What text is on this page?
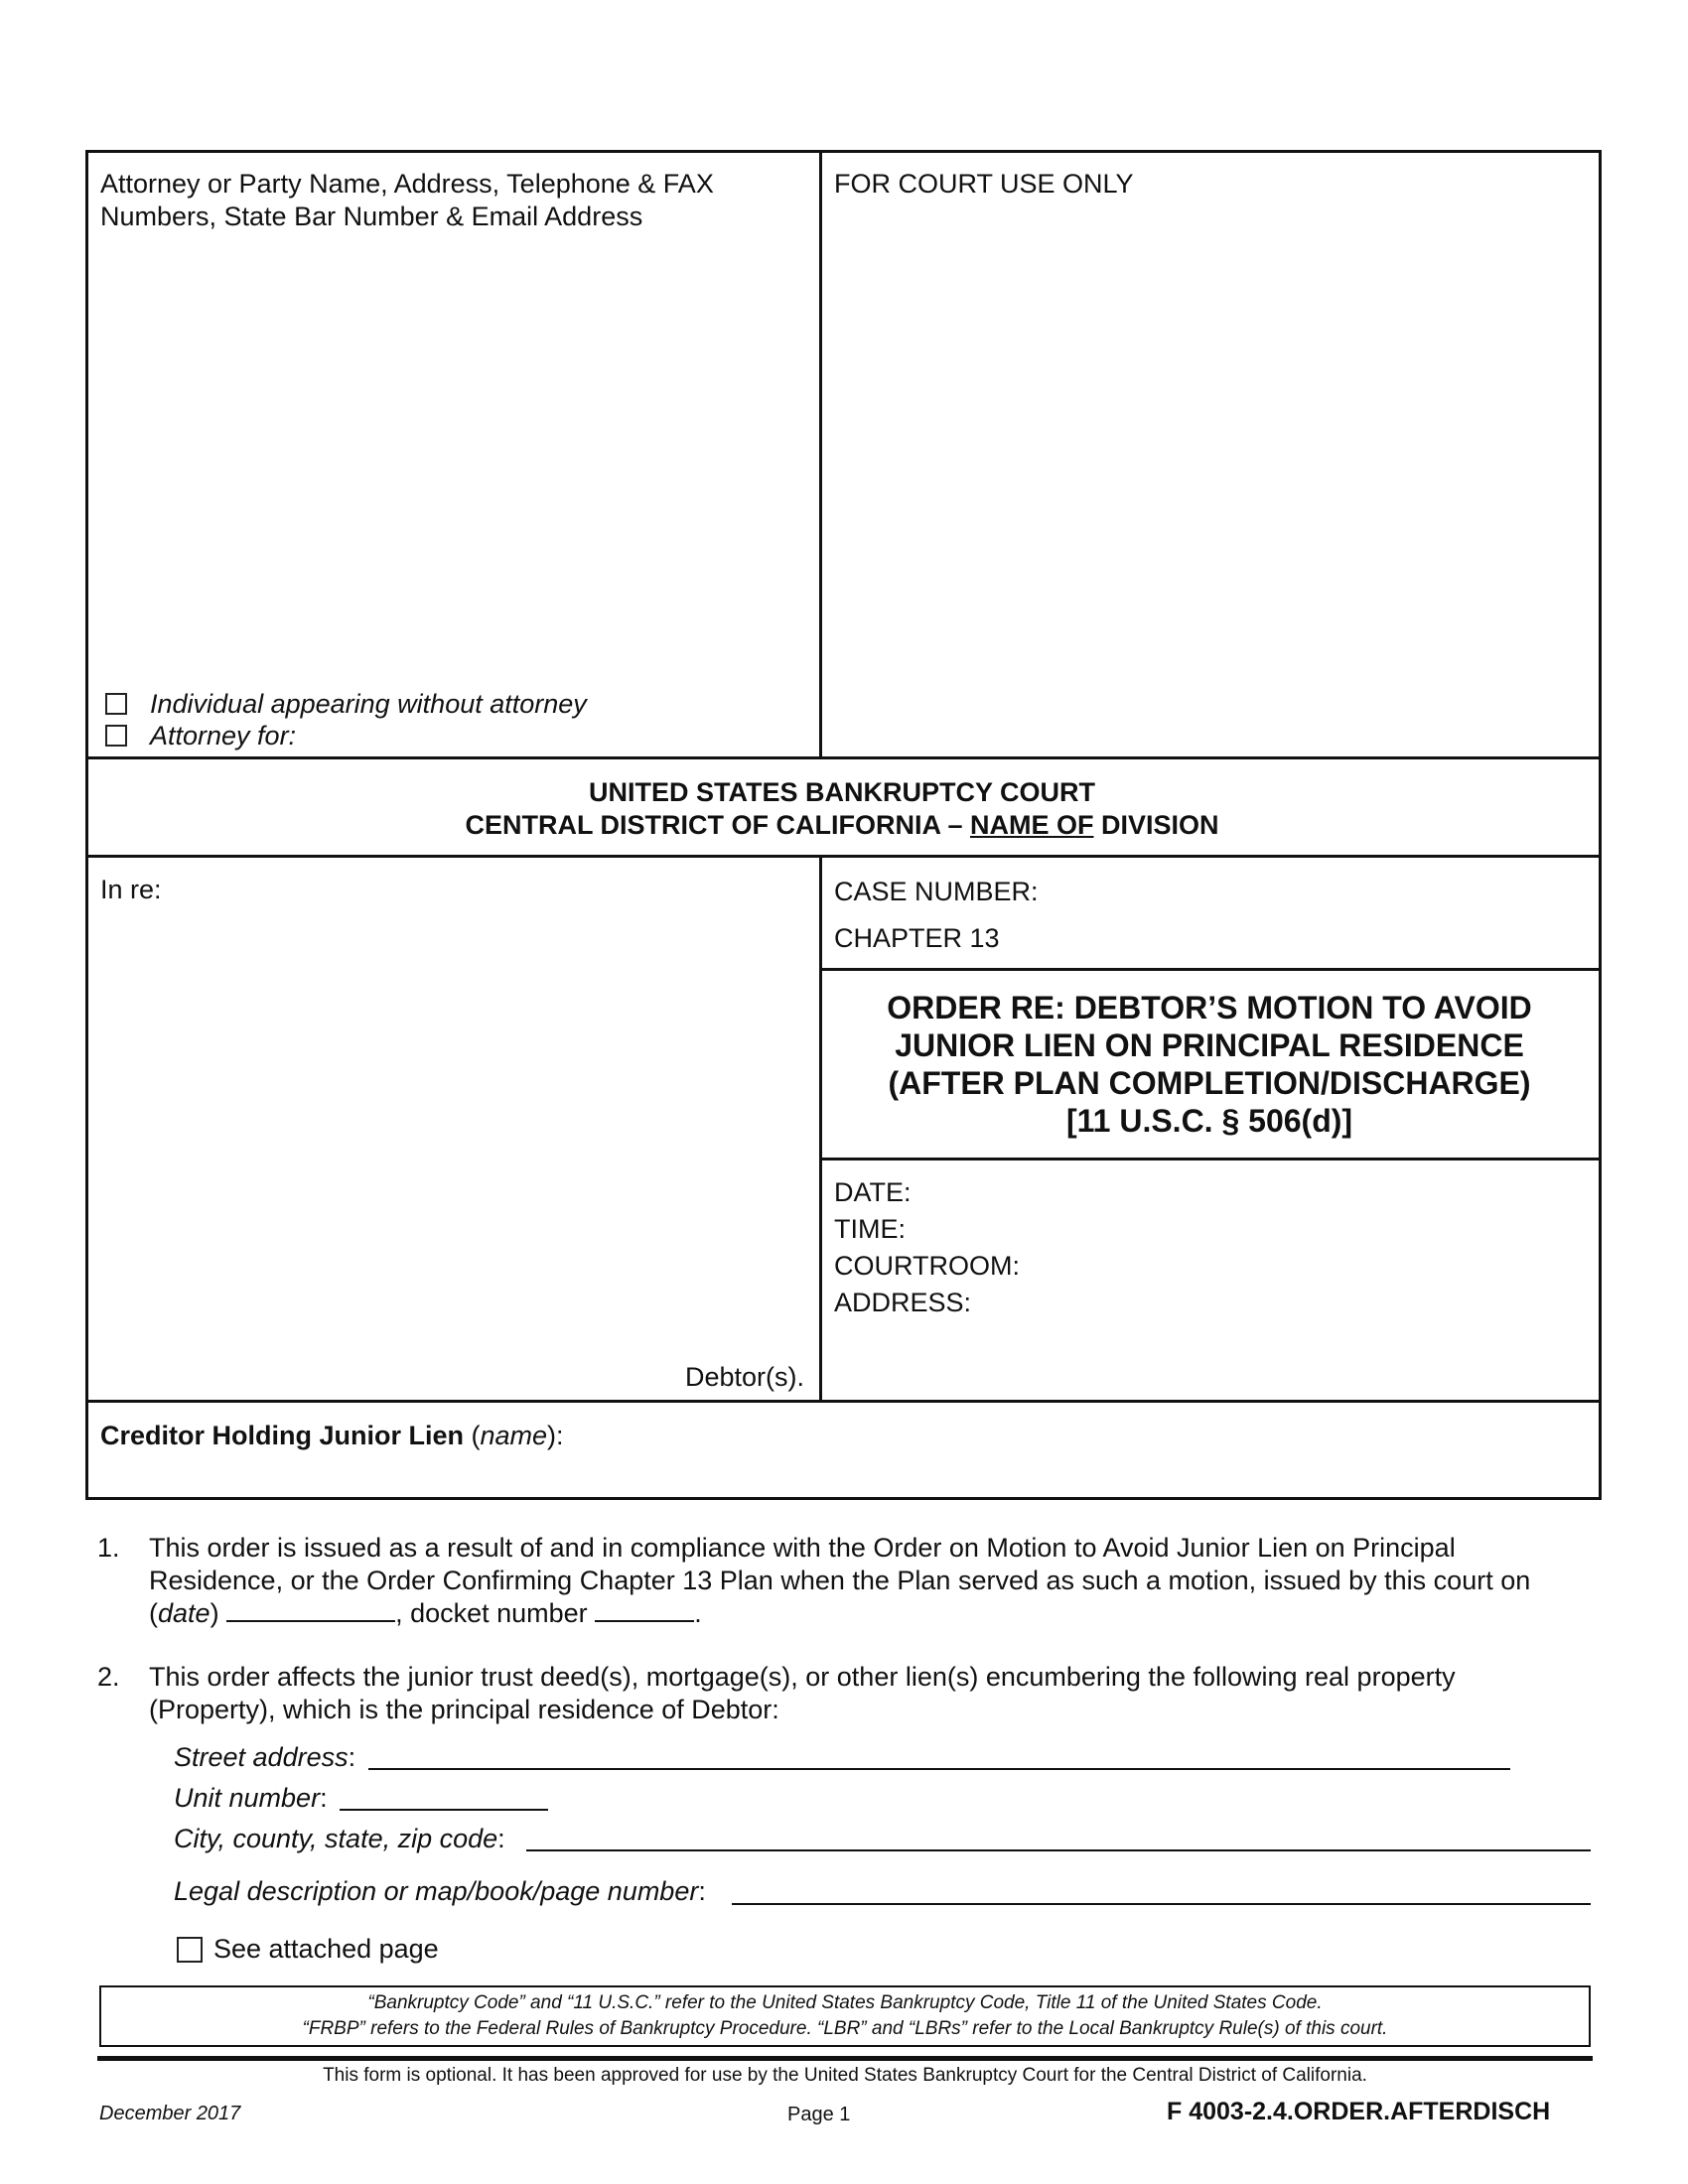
Attorney or Party Name, Address, Telephone & FAX
Numbers, State Bar Number & Email Address
FOR COURT USE ONLY
Individual appearing without attorney
Attorney for:
UNITED STATES BANKRUPTCY COURT
CENTRAL DISTRICT OF CALIFORNIA – NAME OF DIVISION
In re:
Debtor(s).
CASE NUMBER:
CHAPTER 13
ORDER RE: DEBTOR’S MOTION TO AVOID
JUNIOR LIEN ON PRINCIPAL RESIDENCE
(AFTER PLAN COMPLETION/DISCHARGE)
[11 U.S.C. § 506(d)]
DATE:
TIME:
COURTROOM:
ADDRESS:
Creditor Holding Junior Lien (name):
1. This order is issued as a result of and in compliance with the Order on Motion to Avoid Junior Lien on Principal
Residence, or the Order Confirming Chapter 13 Plan when the Plan served as such a motion, issued by this court on
(date)	, docket number	.
2. This order affects the junior trust deed(s), mortgage(s), or other lien(s) encumbering the following real property
(Property), which is the principal residence of Debtor:
Street address:
Unit number:
City, county, state, zip code:
Legal description or map/book/page number:
See attached page
“Bankruptcy Code” and “11 U.S.C.” refer to the United States Bankruptcy Code, Title 11 of the United States Code.
“FRBP” refers to the Federal Rules of Bankruptcy Procedure. “LBR” and “LBRs” refer to the Local Bankruptcy Rule(s) of this court.
This form is optional. It has been approved for use by the United States Bankruptcy Court for the Central District of California.
December 2017	Page 1	F 4003-2.4.ORDER.AFTERDISCH
